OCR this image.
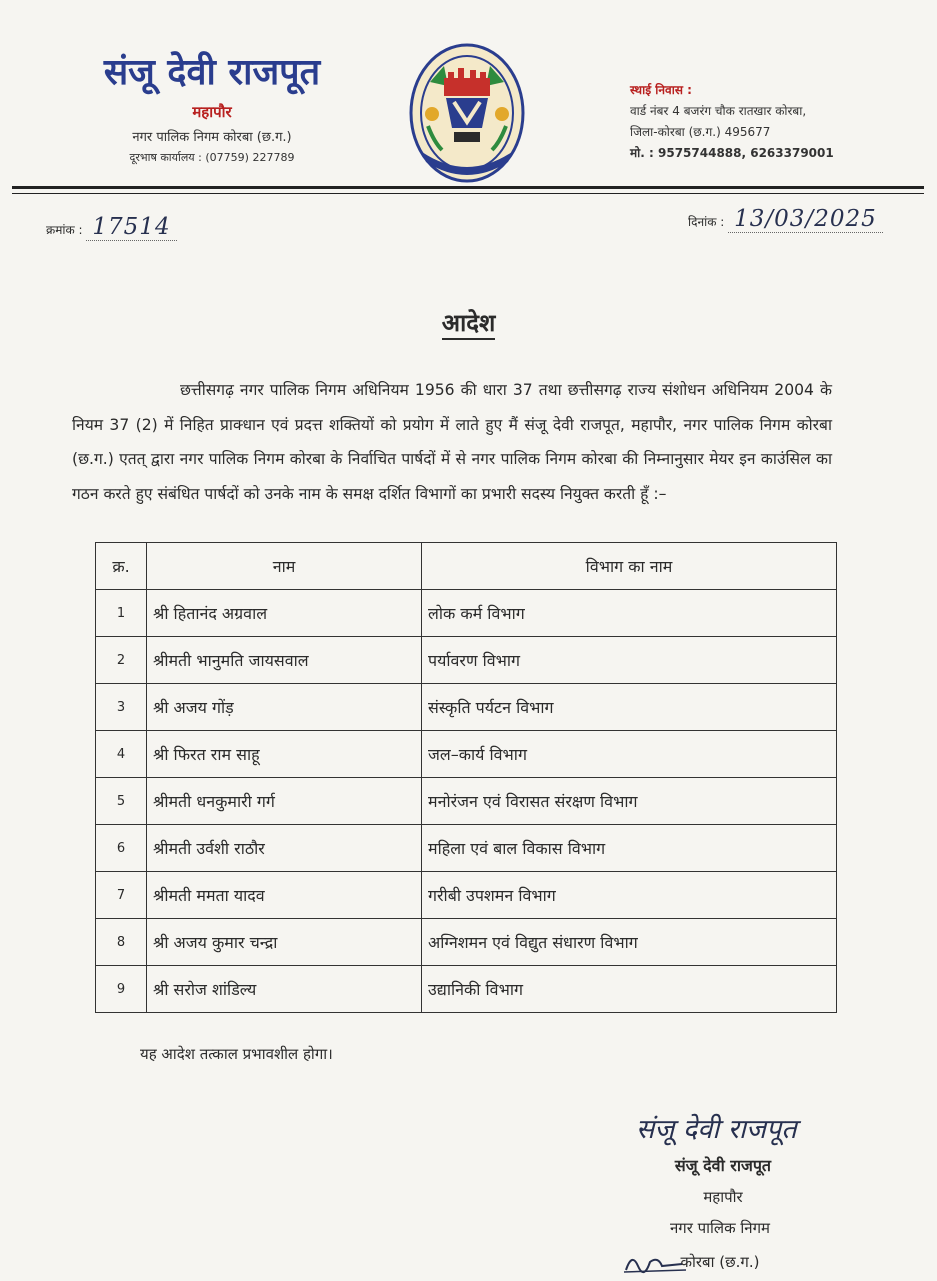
संजू देवी राजपूत
महापौर
नगर पालिक निगम कोरबा (छ.ग.)
दूरभाष कार्यालय : (07759) 227789
स्थाई निवास :
वार्ड नंबर 4 बजरंग चौक रातखार कोरबा,
जिला-कोरबा (छ.ग.) 495677
मो. : 9575744888, 6263379001
क्रमांक : 17514	दिनांक : 13/03/2025
आदेश
छत्तीसगढ़ नगर पालिक निगम अधिनियम 1956 की धारा 37 तथा छत्तीसगढ़ राज्य संशोधन अधिनियम 2004 के नियम 37 (2) में निहित प्राक्धान एवं प्रदत्त शक्तियों को प्रयोग में लाते हुए मैं संजू देवी राजपूत, महापौर, नगर पालिक निगम कोरबा (छ.ग.) एतत् द्वारा नगर पालिक निगम कोरबा के निर्वाचित पार्षदों में से नगर पालिक निगम कोरबा की निम्नानुसार मेयर इन काउंसिल का गठन करते हुए संबंधित पार्षदों को उनके नाम के समक्ष दर्शित विभागों का प्रभारी सदस्य नियुक्त करती हूँ :–
क्र.	नाम	विभाग का नाम
1	श्री हितानंद अग्रवाल	लोक कर्म विभाग
2	श्रीमती भानुमति जायसवाल	पर्यावरण विभाग
3	श्री अजय गोंड़	संस्कृति पर्यटन विभाग
4	श्री फिरत राम साहू	जल–कार्य विभाग
5	श्रीमती धनकुमारी गर्ग	मनोरंजन एवं विरासत संरक्षण विभाग
6	श्रीमती उर्वशी राठौर	महिला एवं बाल विकास विभाग
7	श्रीमती ममता यादव	गरीबी उपशमन विभाग
8	श्री अजय कुमार चन्द्रा	अग्निशमन एवं विद्युत संधारण विभाग
9	श्री सरोज शांडिल्य	उद्यानिकी विभाग
यह आदेश तत्काल प्रभावशील होगा।
संजू देवी राजपूत
संजू देवी राजपूत
महापौर
नगर पालिक निगम
कोरबा (छ.ग.)
